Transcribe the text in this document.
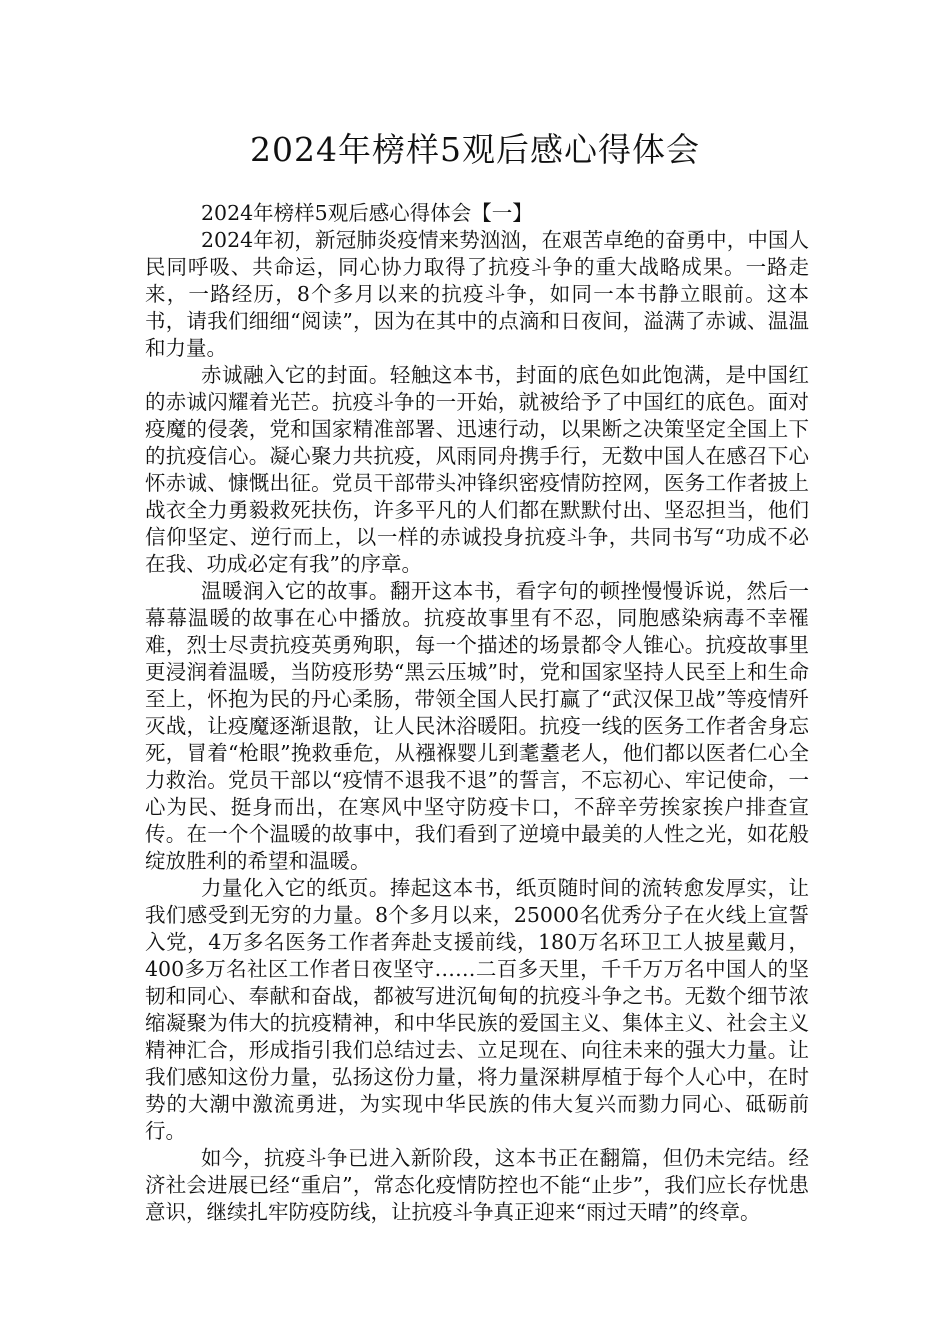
2024年榜样5观后感心得体会
2024年榜样5观后感心得体会【一】

2024年初，新冠肺炎疫情来势汹汹，在艰苦卓绝的奋勇中，中国人民同呼吸、共命运，同心协力取得了抗疫斗争的重大战略成果。一路走来，一路经历，8个多月以来的抗疫斗争，如同一本书静立眼前。这本书，请我们细细“阅读”，因为在其中的点滴和日夜间，溢满了赤诚、温温和力量。

赤诚融入它的封面。轻触这本书，封面的底色如此饱满，是中国红的赤诚闪耀着光芒。抗疫斗争的一开始，就被给予了中国红的底色。面对疫魔的侵袭，党和国家精准部署、迅速行动，以果断之决策坚定全国上下的抗疫信心。凝心聚力共抗疫，风雨同舟携手行，无数中国人在感召下心怀赤诚、慷慨出征。党员干部带头冲锋织密疫情防控网，医务工作者披上战衣全力勇毅救死扶伤，许多平凡的人们都在默默付出、坚忍担当，他们信仰坚定、逆行而上，以一样的赤诚投身抗疫斗争，共同书写“功成不必在我、功成必定有我”的序章。

温暖润入它的故事。翻开这本书，看字句的顿挫慢慢诉说，然后一幕幕温暖的故事在心中播放。抗疫故事里有不忍，同胞感染病毒不幸罹难，烈士尽责抗疫英勇殉职，每一个描述的场景都令人锥心。抗疫故事里更浸润着温暖，当防疫形势“黑云压城”时，党和国家坚持人民至上和生命至上，怀抱为民的丹心柔肠，带领全国人民打赢了“武汉保卫战”等疫情歼灭战，让疫魔逐渐退散，让人民沐浴暖阳。抗疫一线的医务工作者舍身忘死，冒着“枪眼”挽救垂危，从襁褓婴儿到耄耋老人，他们都以医者仁心全力救治。党员干部以“疫情不退我不退”的誓言，不忘初心、牢记使命，一心为民、挺身而出，在寒风中坚守防疫卡口，不辞辛劳挨家挨户排查宣传。在一个个温暖的故事中，我们看到了逆境中最美的人性之光，如花般绽放胜利的希望和温暖。

力量化入它的纸页。捧起这本书，纸页随时间的流转愈发厚实，让我们感受到无穷的力量。8个多月以来，25000名优秀分子在火线上宣誓入党，4万多名医务工作者奔赴支援前线，180万名环卫工人披星戴月，400多万名社区工作者日夜坚守……二百多天里，千千万万名中国人的坚韧和同心、奉献和奋战，都被写进沉甸甸的抗疫斗争之书。无数个细节浓缩凝聚为伟大的抗疫精神，和中华民族的爱国主义、集体主义、社会主义精神汇合，形成指引我们总结过去、立足现在、向往未来的强大力量。让我们感知这份力量，弘扬这份力量，将力量深耕厚植于每个人心中，在时势的大潮中激流勇进，为实现中华民族的伟大复兴而勠力同心、砥砺前行。

如今，抗疫斗争已进入新阶段，这本书正在翻篇，但仍未完结。经济社会进展已经“重启”，常态化疫情防控也不能“止步”，我们应长存忧患意识，继续扎牢防疫防线，让抗疫斗争真正迎来“雨过天晴”的终章。
